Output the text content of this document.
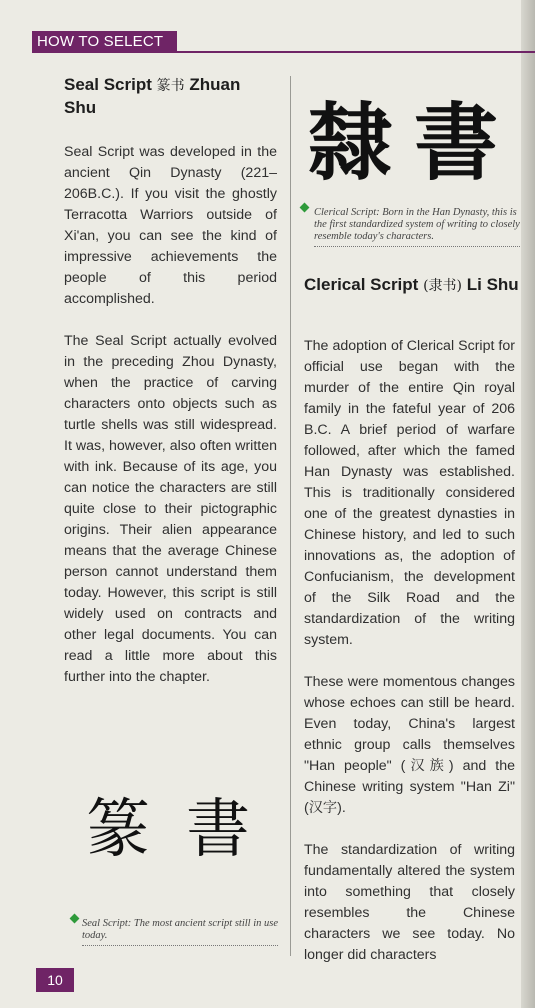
HOW TO SELECT
Seal Script 篆书 Zhuan Shu

Seal Script was developed in the ancient Qin Dynasty (221–206B.C.). If you visit the ghostly Terracotta Warriors outside of Xi'an, you can see the kind of impressive achievements the people of this period accomplished.

The Seal Script actually evolved in the preceding Zhou Dynasty, when the practice of carving characters onto objects such as turtle shells was still widespread. It was, however, also often written with ink. Because of its age, you can notice the characters are still quite close to their pictographic origins. Their alien appearance means that the average Chinese person cannot understand them today. However, this script is still widely used on contracts and other legal documents. You can read a little more about this further into the chapter.

篆 書
Seal Script: The most ancient script still in use today.
隸 書
Clerical Script: Born in the Han Dynasty, this is the first standardized system of writing to closely resemble today's characters.
Clerical Script (隶书) Li Shu

The adoption of Clerical Script for official use began with the murder of the entire Qin royal family in the fateful year of 206 B.C. A brief period of warfare followed, after which the famed Han Dynasty was established. This is traditionally considered one of the greatest dynasties in Chinese history, and led to such innovations as, the adoption of Confucianism, the development of the Silk Road and the standardization of the writing system.

These were momentous changes whose echoes can still be heard. Even today, China's largest ethnic group calls themselves "Han people" (汉族) and the Chinese writing system "Han Zi" (汉字).

The standardization of writing fundamentally altered the system into something that closely resembles the Chinese characters we see today. No longer did characters

10
